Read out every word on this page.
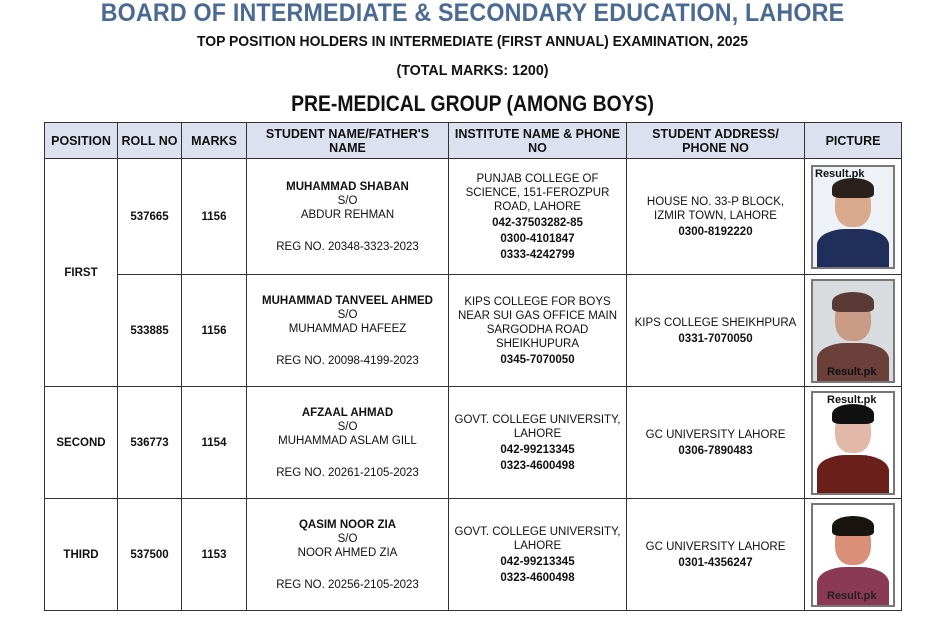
BOARD OF INTERMEDIATE & SECONDARY EDUCATION, LAHORE
TOP POSITION HOLDERS IN INTERMEDIATE (FIRST ANNUAL) EXAMINATION, 2025
(TOTAL MARKS: 1200)
PRE-MEDICAL GROUP (AMONG BOYS)
POSITION	ROLL NO	MARKS	STUDENT NAME/FATHER'S NAME	INSTITUTE NAME & PHONE NO	STUDENT ADDRESS/ PHONE NO	PICTURE
FIRST	537665	1156	MUHAMMAD SHABAN
S/O
ABDUR REHMAN
REG NO. 20348-3323-2023	PUNJAB COLLEGE OF SCIENCE, 151-FEROZPUR ROAD, LAHORE
042-37503282-85
0300-4101847
0333-4242799	HOUSE NO. 33-P BLOCK, IZMIR TOWN, LAHORE
0300-8192220	Result.pk

	533885	1156	MUHAMMAD TANVEEL AHMED
S/O
MUHAMMAD HAFEEZ
REG NO. 20098-4199-2023	KIPS COLLEGE FOR BOYS NEAR SUI GAS OFFICE MAIN SARGODHA ROAD SHEIKHUPURA
0345-7070050	KIPS COLLEGE SHEIKHPURA
0331-7070050	Result.pk

SECOND	536773	1154	AFZAAL AHMAD
S/O
MUHAMMAD ASLAM GILL
REG NO. 20261-2105-2023	GOVT. COLLEGE UNIVERSITY, LAHORE
042-99213345
0323-4600498	GC UNIVERSITY LAHORE
0306-7890483	Result.pk

THIRD	537500	1153	QASIM NOOR ZIA
S/O
NOOR AHMED ZIA
REG NO. 20256-2105-2023	GOVT. COLLEGE UNIVERSITY, LAHORE
042-99213345
0323-4600498	GC UNIVERSITY LAHORE
0301-4356247	Result.pk
